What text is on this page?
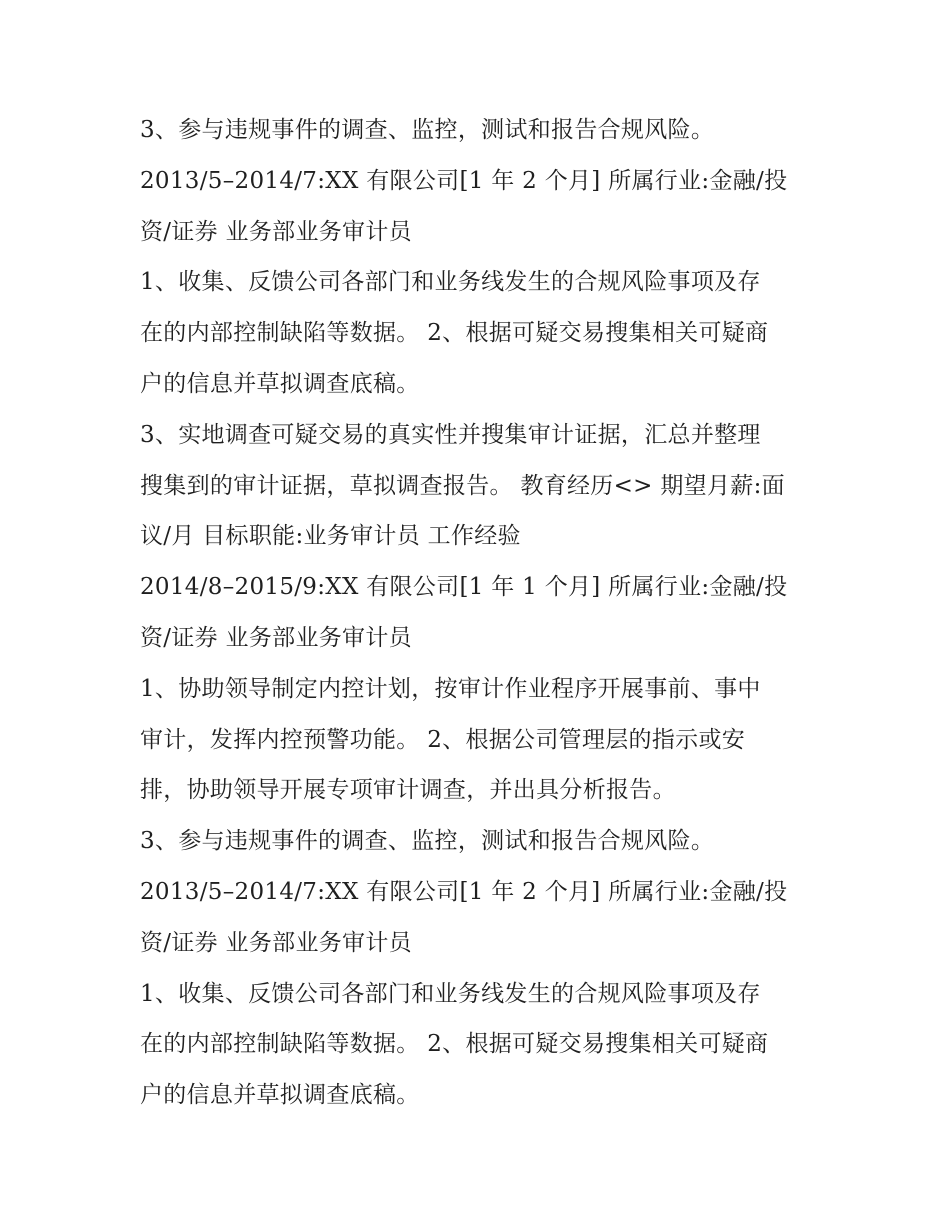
3、参与违规事件的调查、监控，测试和报告合规风险。

2013/5–2014/7:XX 有限公司[1 年 2 个月] 所属行业:金融/投

资/证券 业务部业务审计员

1、收集、反馈公司各部门和业务线发生的合规风险事项及存

在的内部控制缺陷等数据。 2、根据可疑交易搜集相关可疑商

户的信息并草拟调查底稿。

3、实地调查可疑交易的真实性并搜集审计证据，汇总并整理

搜集到的审计证据，草拟调查报告。 教育经历<> 期望月薪:面

议/月 目标职能:业务审计员 工作经验

2014/8–2015/9:XX 有限公司[1 年 1 个月] 所属行业:金融/投

资/证券 业务部业务审计员

1、协助领导制定内控计划，按审计作业程序开展事前、事中

审计，发挥内控预警功能。 2、根据公司管理层的指示或安

排，协助领导开展专项审计调查，并出具分析报告。

3、参与违规事件的调查、监控，测试和报告合规风险。

2013/5–2014/7:XX 有限公司[1 年 2 个月] 所属行业:金融/投

资/证券 业务部业务审计员

1、收集、反馈公司各部门和业务线发生的合规风险事项及存

在的内部控制缺陷等数据。 2、根据可疑交易搜集相关可疑商

户的信息并草拟调查底稿。
